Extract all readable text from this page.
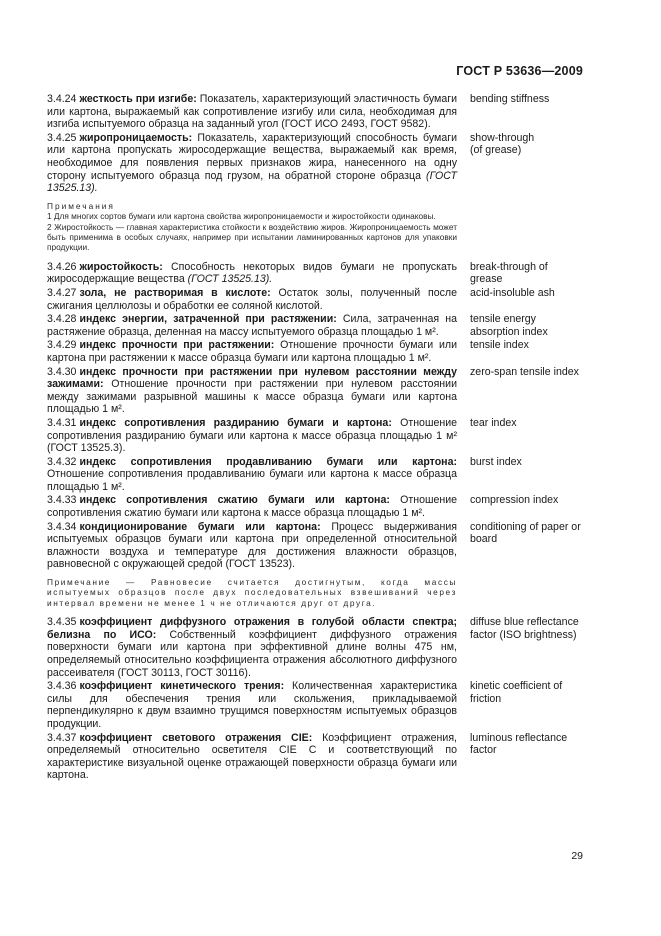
ГОСТ Р 53636—2009
3.4.24 жесткость при изгибе: Показатель, характеризующий эластичность бумаги или картона, выражаемый как сопротивление изгибу или сила, необходимая для изгиба испытуемого образца на заданный угол (ГОСТ ИСО 2493, ГОСТ 9582).
bending stiffness
3.4.25 жиропроницаемость: Показатель, характеризующий способность бумаги или картона пропускать жиросодержащие вещества, выражаемый как время, необходимое для появления первых признаков жира, нанесенного на одну сторону испытуемого образца под грузом, на обратной стороне образца (ГОСТ 13525.13).
show-through
(of grease)

Примечания

1 Для многих сортов бумаги или картона свойства жиропроницаемости и жиростойкости одинаковы.

2 Жиростойкость — главная характеристика стойкости к воздействию жиров. Жиропроницаемость может быть применима в особых случаях, например при испытании ламинированных картонов для упаковки продукции.

3.4.26 жиростойкость: Способность некоторых видов бумаги не пропускать жиросодержащие вещества (ГОСТ 13525.13).
break-through of grease
3.4.27 зола, не растворимая в кислоте: Остаток золы, полученный после сжигания целлюлозы и обработки ее соляной кислотой.
acid-insoluble ash
3.4.28 индекс энергии, затраченной при растяжении: Сила, затраченная на растяжение образца, деленная на массу испытуемого образца площадью 1 м².
tensile energy absorption index
3.4.29 индекс прочности при растяжении: Отношение прочности бумаги или картона при растяжении к массе образца бумаги или картона площадью 1 м².
tensile index
3.4.30 индекс прочности при растяжении при нулевом расстоянии между зажимами: Отношение прочности при растяжении при нулевом расстоянии между зажимами разрывной машины к массе образца бумаги или картона площадью 1 м².
zero-span tensile index
3.4.31 индекс сопротивления раздиранию бумаги и картона: Отношение сопротивления раздиранию бумаги или картона к массе образца площадью 1 м² (ГОСТ 13525.3).
tear index
3.4.32 индекс сопротивления продавливанию бумаги или картона: Отношение сопротивления продавливанию бумаги или картона к массе образца площадью 1 м².
burst index
3.4.33 индекс сопротивления сжатию бумаги или картона: Отношение сопротивления сжатию бумаги или картона к массе образца площадью 1 м².
compression index
3.4.34 кондиционирование бумаги или картона: Процесс выдерживания испытуемых образцов бумаги или картона при определенной относительной влажности воздуха и температуре для достижения влажности образцов, равновесной с окружающей средой (ГОСТ 13523).
conditioning of paper or board

Примечание — Равновесие считается достигнутым, когда массы испытуемых образцов после двух последовательных взвешиваний через интервал времени не менее 1 ч не отличаются друг от друга.

3.4.35 коэффициент диффузного отражения в голубой области спектра; белизна по ИСО: Собственный коэффициент диффузного отражения поверхности бумаги или картона при эффективной длине волны 475 нм, определяемый относительно коэффициента отражения абсолютного диффузного рассеивателя (ГОСТ 30113, ГОСТ 30116).
diffuse blue reflectance factor (ISO brightness)
3.4.36 коэффициент кинетического трения: Количественная характеристика силы для обеспечения трения или скольжения, прикладываемой перпендикулярно к двум взаимно трущимся поверхностям испытуемых образцов продукции.
kinetic coefficient of friction
3.4.37 коэффициент светового отражения CIE: Коэффициент отражения, определяемый относительно осветителя CIE C и соответствующий по характеристике визуальной оценке отражающей поверхности образца бумаги или картона.
luminous reflectance factor
29
